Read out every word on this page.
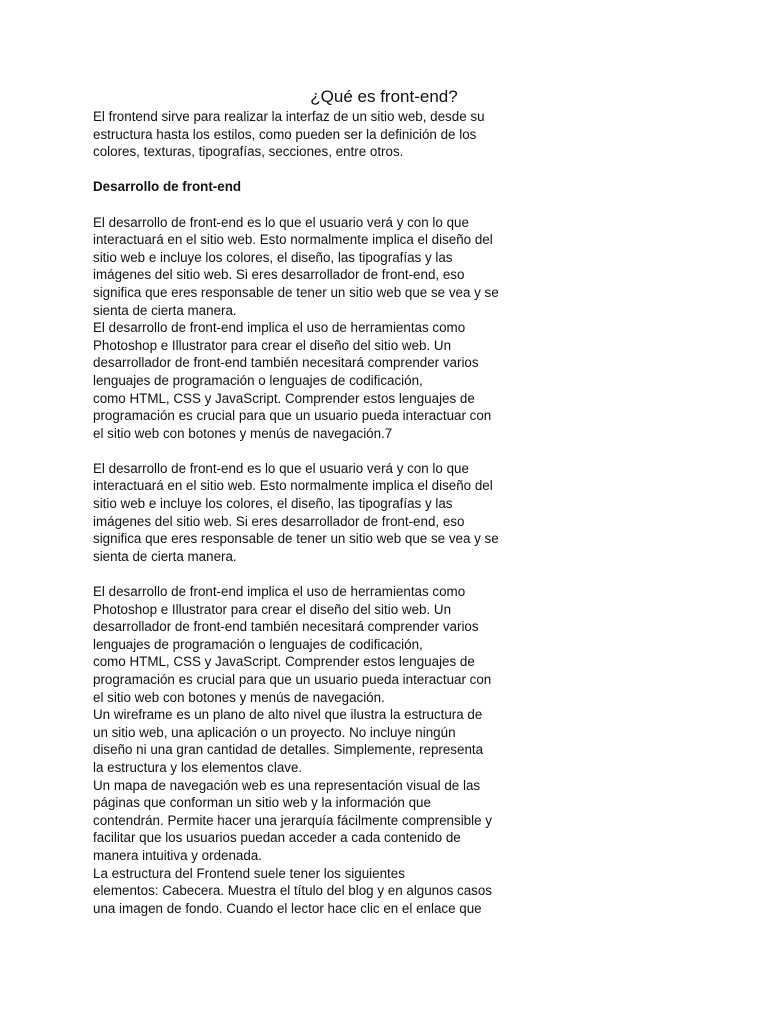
¿Qué es front-end?

El frontend sirve para realizar la interfaz de un sitio web, desde su
estructura hasta los estilos, como pueden ser la definición de los
colores, texturas, tipografías, secciones, entre otros.

Desarrollo de front-end

El desarrollo de front-end es lo que el usuario verá y con lo que
interactuará en el sitio web. Esto normalmente implica el diseño del
sitio web e incluye los colores, el diseño, las tipografías y las
imágenes del sitio web. Si eres desarrollador de front-end, eso
significa que eres responsable de tener un sitio web que se vea y se
sienta de cierta manera.

El desarrollo de front-end implica el uso de herramientas como
Photoshop e Illustrator para crear el diseño del sitio web. Un
desarrollador de front-end también necesitará comprender varios
lenguajes de programación o lenguajes de codificación,
como HTML, CSS y JavaScript. Comprender estos lenguajes de
programación es crucial para que un usuario pueda interactuar con
el sitio web con botones y menús de navegación.7

El desarrollo de front-end es lo que el usuario verá y con lo que
interactuará en el sitio web. Esto normalmente implica el diseño del
sitio web e incluye los colores, el diseño, las tipografías y las
imágenes del sitio web. Si eres desarrollador de front-end, eso
significa que eres responsable de tener un sitio web que se vea y se
sienta de cierta manera.

El desarrollo de front-end implica el uso de herramientas como
Photoshop e Illustrator para crear el diseño del sitio web. Un
desarrollador de front-end también necesitará comprender varios
lenguajes de programación o lenguajes de codificación,
como HTML, CSS y JavaScript. Comprender estos lenguajes de
programación es crucial para que un usuario pueda interactuar con
el sitio web con botones y menús de navegación.

Un wireframe es un plano de alto nivel que ilustra la estructura de
un sitio web, una aplicación o un proyecto. No incluye ningún
diseño ni una gran cantidad de detalles. Simplemente, representa
la estructura y los elementos clave.

Un mapa de navegación web es una representación visual de las
páginas que conforman un sitio web y la información que
contendrán. Permite hacer una jerarquía fácilmente comprensible y
facilitar que los usuarios puedan acceder a cada contenido de
manera intuitiva y ordenada.

La estructura del Frontend suele tener los siguientes
elementos: Cabecera. Muestra el título del blog y en algunos casos
una imagen de fondo. Cuando el lector hace clic en el enlace que
